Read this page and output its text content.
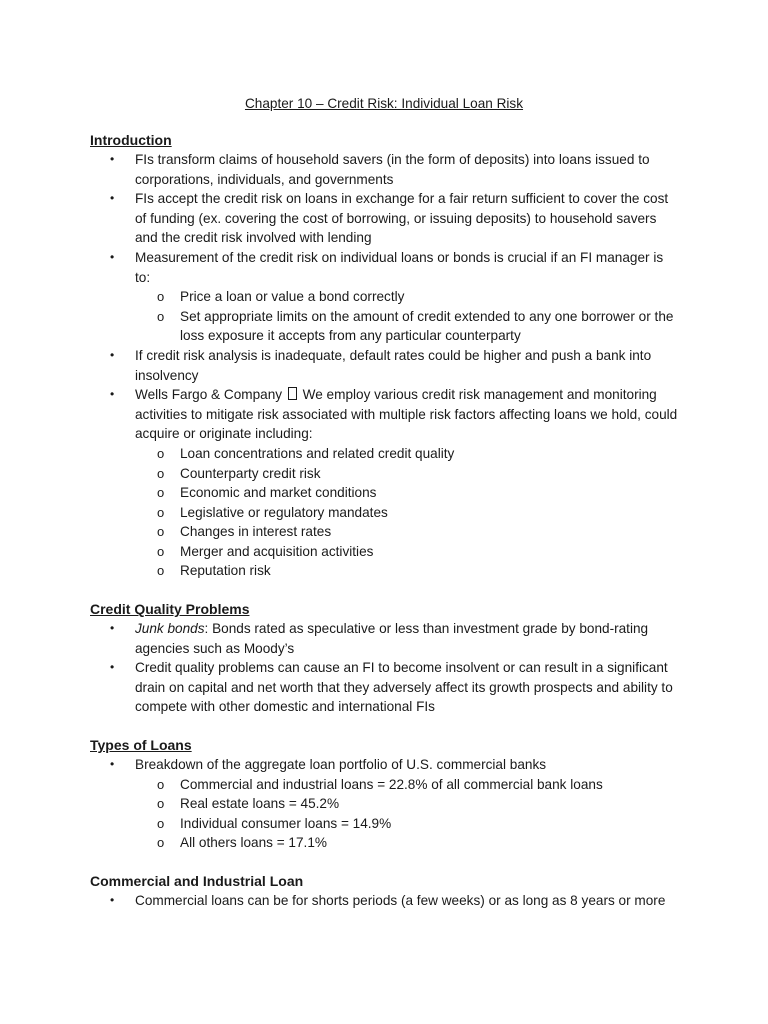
Chapter 10 – Credit Risk: Individual Loan Risk
Introduction
• FIs transform claims of household savers (in the form of deposits) into loans issued to corporations, individuals, and governments
• FIs accept the credit risk on loans in exchange for a fair return sufficient to cover the cost of funding (ex. covering the cost of borrowing, or issuing deposits) to household savers and the credit risk involved with lending
• Measurement of the credit risk on individual loans or bonds is crucial if an FI manager is to:
o Price a loan or value a bond correctly
o Set appropriate limits on the amount of credit extended to any one borrower or the loss exposure it accepts from any particular counterparty
• If credit risk analysis is inadequate, default rates could be higher and push a bank into insolvency
• Wells Fargo & Company We employ various credit risk management and monitoring activities to mitigate risk associated with multiple risk factors affecting loans we hold, could acquire or originate including:
o Loan concentrations and related credit quality
o Counterparty credit risk
o Economic and market conditions
o Legislative or regulatory mandates
o Changes in interest rates
o Merger and acquisition activities
o Reputation risk
Credit Quality Problems
• Junk bonds: Bonds rated as speculative or less than investment grade by bond-rating agencies such as Moody’s
• Credit quality problems can cause an FI to become insolvent or can result in a significant drain on capital and net worth that they adversely affect its growth prospects and ability to compete with other domestic and international FIs
Types of Loans
• Breakdown of the aggregate loan portfolio of U.S. commercial banks
o Commercial and industrial loans = 22.8% of all commercial bank loans
o Real estate loans = 45.2%
o Individual consumer loans = 14.9%
o All others loans = 17.1%
Commercial and Industrial Loan
• Commercial loans can be for shorts periods (a few weeks) or as long as 8 years or more
